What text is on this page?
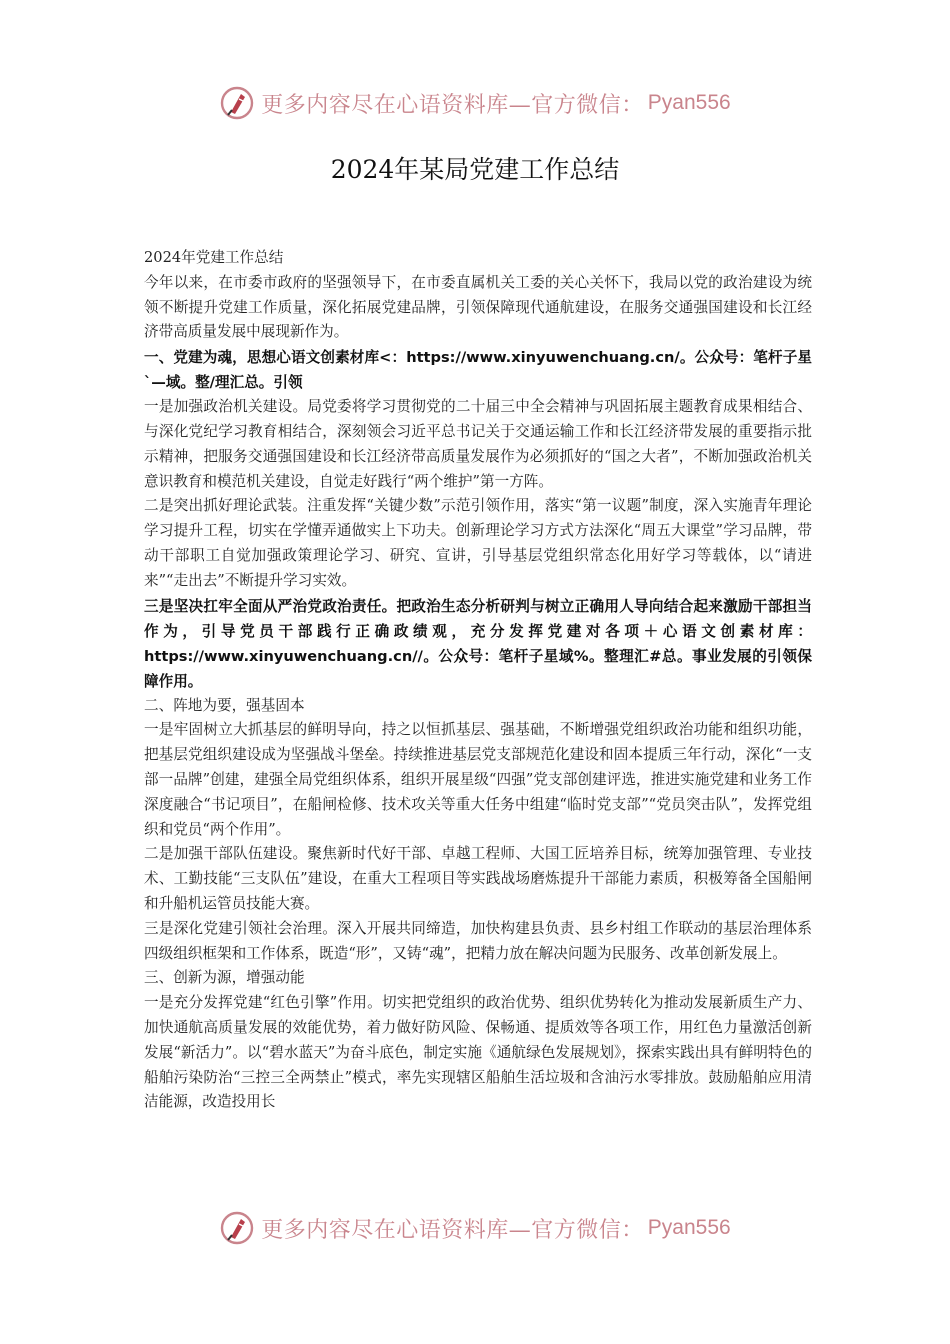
更多内容尽在心语资料库—官方微信： Pyan556
2024年某局党建工作总结

2024年党建工作总结

今年以来，在市委市政府的坚强领导下，在市委直属机关工委的关心关怀下，我局以党的政治建设为统领不断提升党建工作质量，深化拓展党建品牌，引领保障现代通航建设，在服务交通强国建设和长江经济带高质量发展中展现新作为。

一、党建为魂，思想心语文创素材库<：https://www.xinyuwenchuang.cn/。公众号：笔杆子星`—域。整/理汇总。引领

一是加强政治机关建设。局党委将学习贯彻党的二十届三中全会精神与巩固拓展主题教育成果相结合、与深化党纪学习教育相结合，深刻领会习近平总书记关于交通运输工作和长江经济带发展的重要指示批示精神，把服务交通强国建设和长江经济带高质量发展作为必须抓好的“国之大者”，不断加强政治机关意识教育和模范机关建设，自觉走好践行“两个维护”第一方阵。

二是突出抓好理论武装。注重发挥“关键少数”示范引领作用，落实“第一议题”制度，深入实施青年理论学习提升工程，切实在学懂弄通做实上下功夫。创新理论学习方式方法深化“周五大课堂”学习品牌，带动干部职工自觉加强政策理论学习、研究、宣讲，引导基层党组织常态化用好学习等载体，以“请进来”“走出去”不断提升学习实效。

三是坚决扛牢全面从严治党政治责任。把政治生态分析研判与树立正确用人导向结合起来激励干部担当作为，引导党员干部践行正确政绩观，充分发挥党建对各项＋心语文创素材库：https://www.xinyuwenchuang.cn//。公众号：笔杆子星域%。整理汇#总。事业发展的引领保障作用。

二、阵地为要，强基固本

一是牢固树立大抓基层的鲜明导向，持之以恒抓基层、强基础，不断增强党组织政治功能和组织功能，把基层党组织建设成为坚强战斗堡垒。持续推进基层党支部规范化建设和固本提质三年行动，深化“一支部一品牌”创建，建强全局党组织体系，组织开展星级“四强”党支部创建评选，推进实施党建和业务工作深度融合“书记项目”，在船闸检修、技术攻关等重大任务中组建“临时党支部”“党员突击队”，发挥党组织和党员“两个作用”。

二是加强干部队伍建设。聚焦新时代好干部、卓越工程师、大国工匠培养目标，统筹加强管理、专业技术、工勤技能“三支队伍”建设，在重大工程项目等实践战场磨炼提升干部能力素质，积极筹备全国船闸和升船机运管员技能大赛。

三是深化党建引领社会治理。深入开展共同缔造，加快构建县负责、县乡村组工作联动的基层治理体系四级组织框架和工作体系，既造“形”，又铸“魂”，把精力放在解决问题为民服务、改革创新发展上。

三、创新为源，增强动能

一是充分发挥党建“红色引擎”作用。切实把党组织的政治优势、组织优势转化为推动发展新质生产力、加快通航高质量发展的效能优势，着力做好防风险、保畅通、提质效等各项工作，用红色力量激活创新发展“新活力”。以“碧水蓝天”为奋斗底色，制定实施《通航绿色发展规划》，探索实践出具有鲜明特色的船舶污染防治“三控三全两禁止”模式，率先实现辖区船舶生活垃圾和含油污水零排放。鼓励船舶应用清洁能源，改造投用长

更多内容尽在心语资料库—官方微信： Pyan556
